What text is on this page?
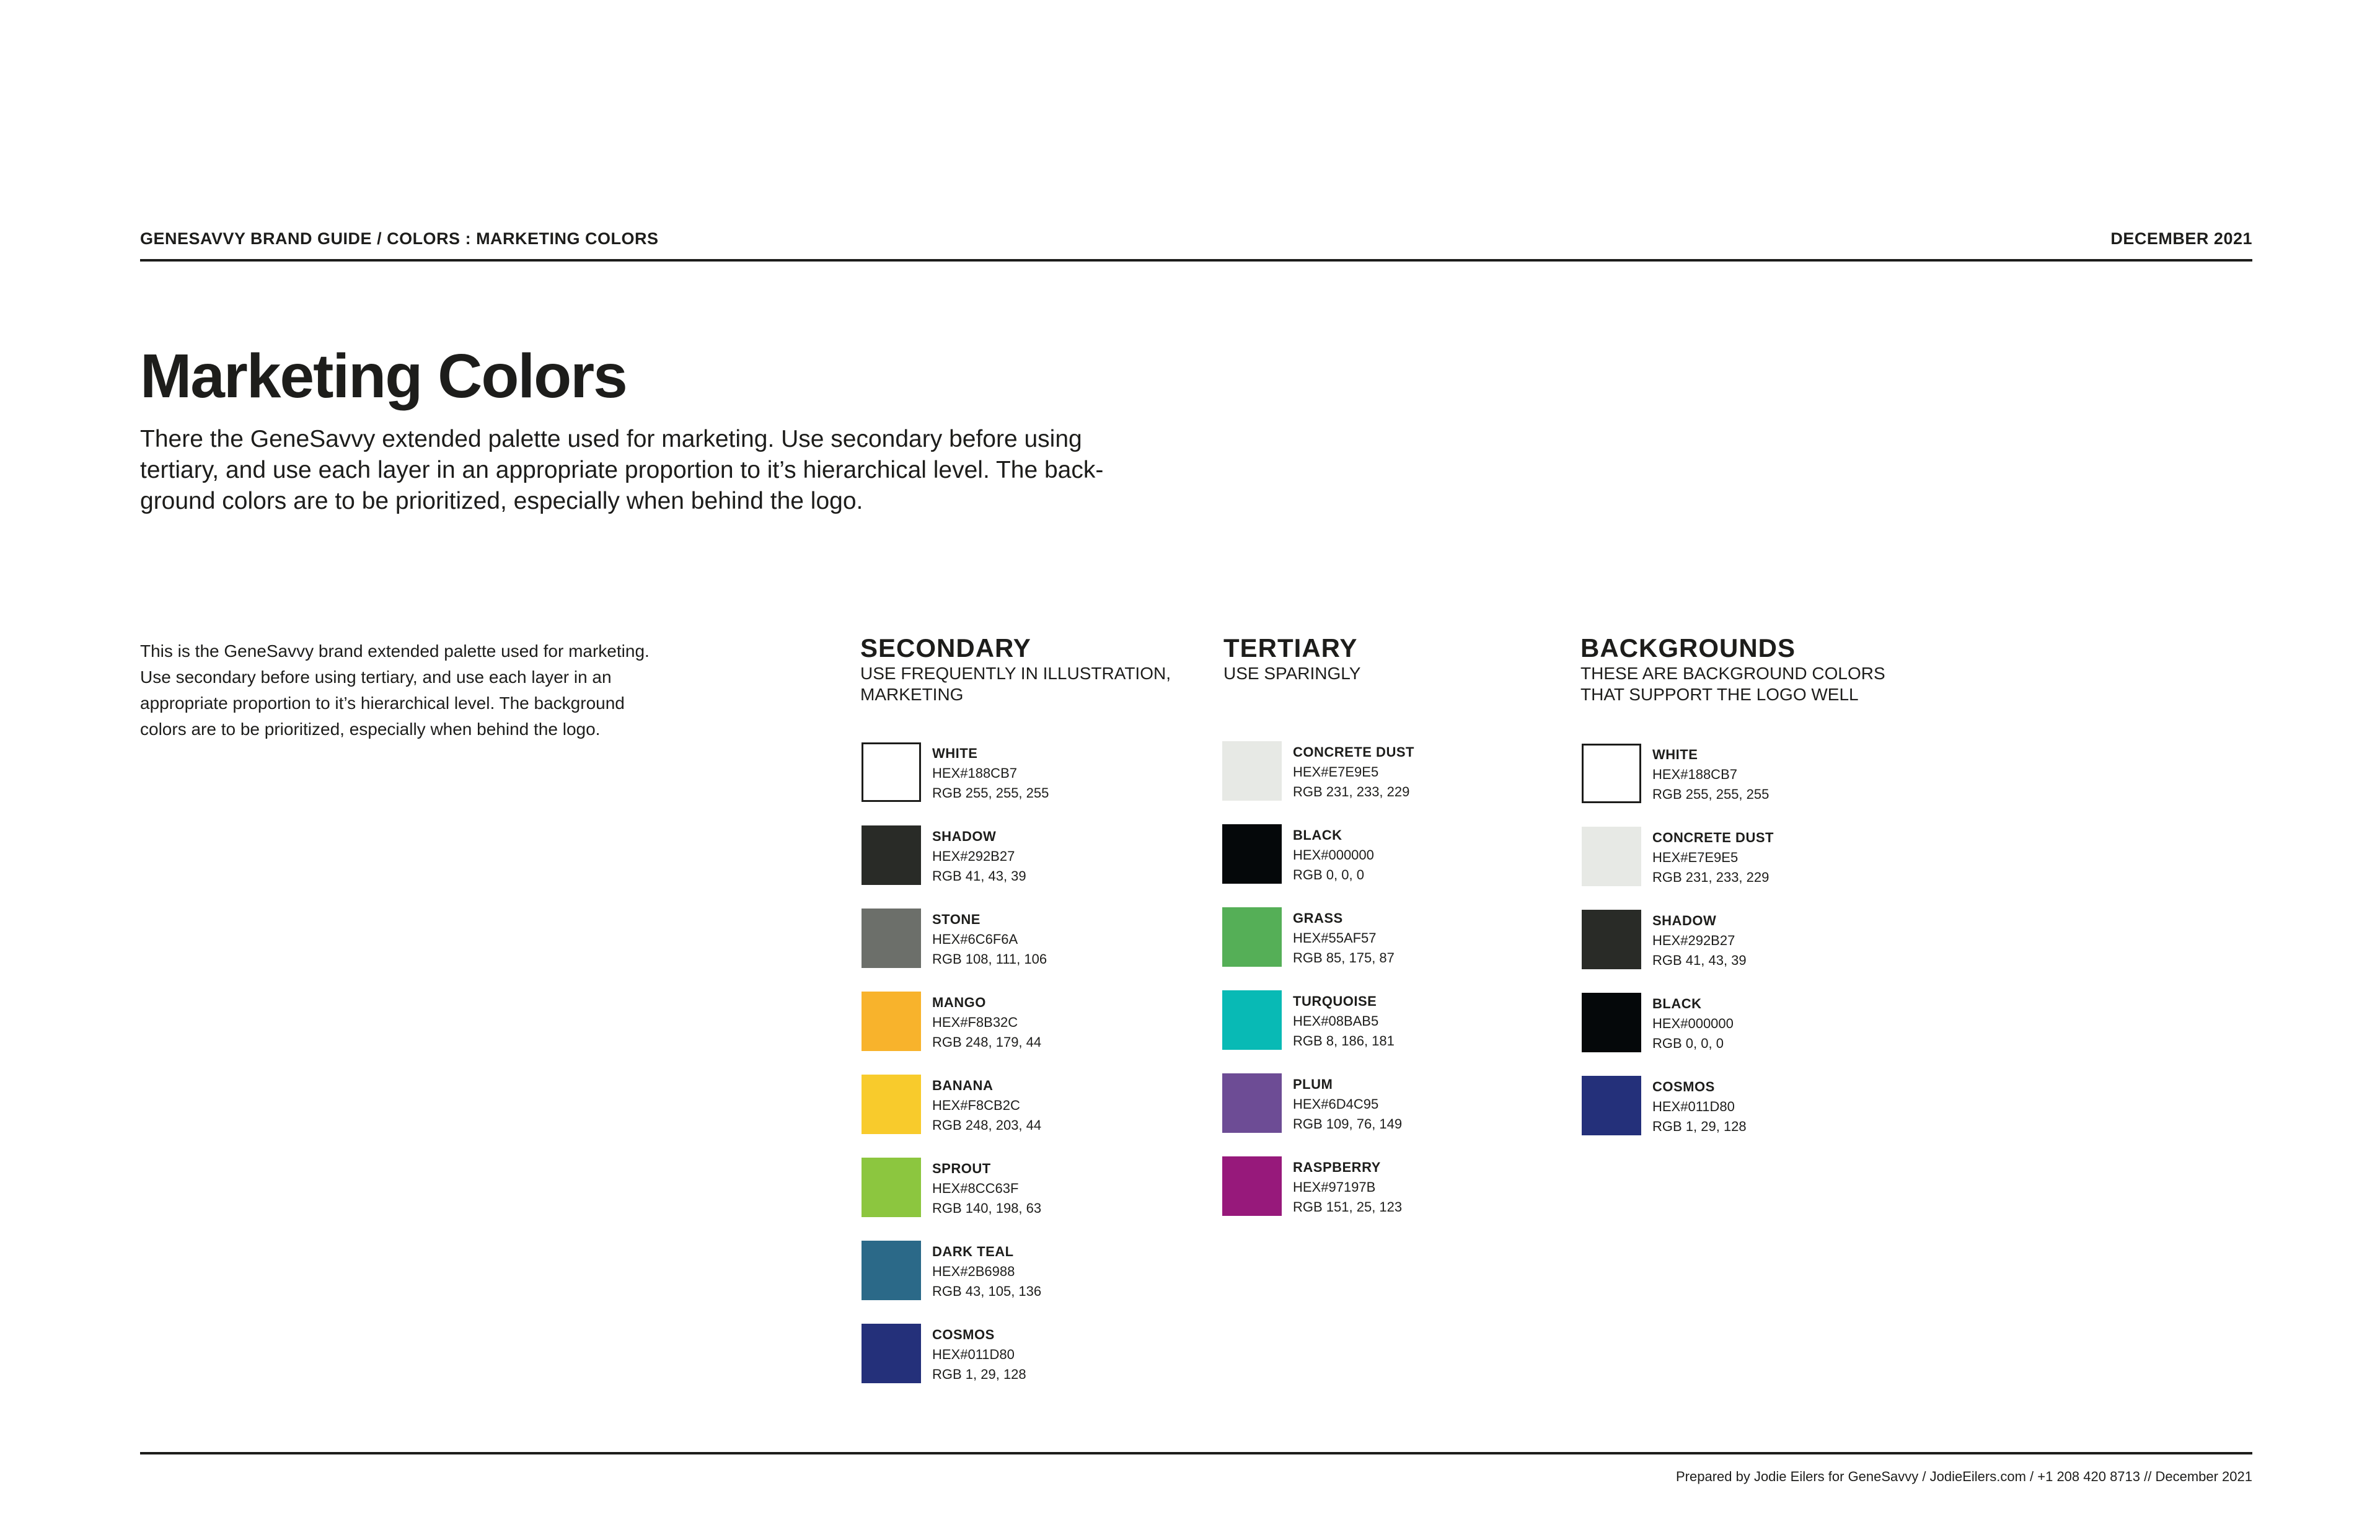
GENESAVVY BRAND GUIDE / COLORS : MARKETING COLORS	DECEMBER 2021
Marketing Colors
There the GeneSavvy extended palette used for marketing. Use secondary before using tertiary, and use each layer in an appropriate proportion to it’s hierarchical level. The back-ground colors are to be prioritized, especially when behind the logo.
This is the GeneSavvy brand extended palette used for marketing. Use secondary before using tertiary, and use each layer in an appropriate proportion to it’s hierarchical level. The background colors are to be prioritized, especially when behind the logo.
SECONDARY
USE FREQUENTLY IN ILLUSTRATION,
MARKETING
WHITE
HEX#188CB7
RGB 255, 255, 255
SHADOW
HEX#292B27
RGB 41, 43, 39
STONE
HEX#6C6F6A
RGB 108, 111, 106
MANGO
HEX#F8B32C
RGB 248, 179, 44
BANANA
HEX#F8CB2C
RGB 248, 203, 44
SPROUT
HEX#8CC63F
RGB 140, 198, 63
DARK TEAL
HEX#2B6988
RGB 43, 105, 136
COSMOS
HEX#011D80
RGB 1, 29, 128
TERTIARY
USE SPARINGLY
CONCRETE DUST
HEX#E7E9E5
RGB 231, 233, 229
BLACK
HEX#000000
RGB 0, 0, 0
GRASS
HEX#55AF57
RGB 85, 175, 87
TURQUOISE
HEX#08BAB5
RGB 8, 186, 181
PLUM
HEX#6D4C95
RGB 109, 76, 149
RASPBERRY
HEX#97197B
RGB 151, 25, 123
BACKGROUNDS
THESE ARE BACKGROUND COLORS
THAT SUPPORT THE LOGO WELL
WHITE
HEX#188CB7
RGB 255, 255, 255
CONCRETE DUST
HEX#E7E9E5
RGB 231, 233, 229
SHADOW
HEX#292B27
RGB 41, 43, 39
BLACK
HEX#000000
RGB 0, 0, 0
COSMOS
HEX#011D80
RGB 1, 29, 128
Prepared by Jodie Eilers for GeneSavvy / JodieEilers.com / +1 208 420 8713 // December 2021
